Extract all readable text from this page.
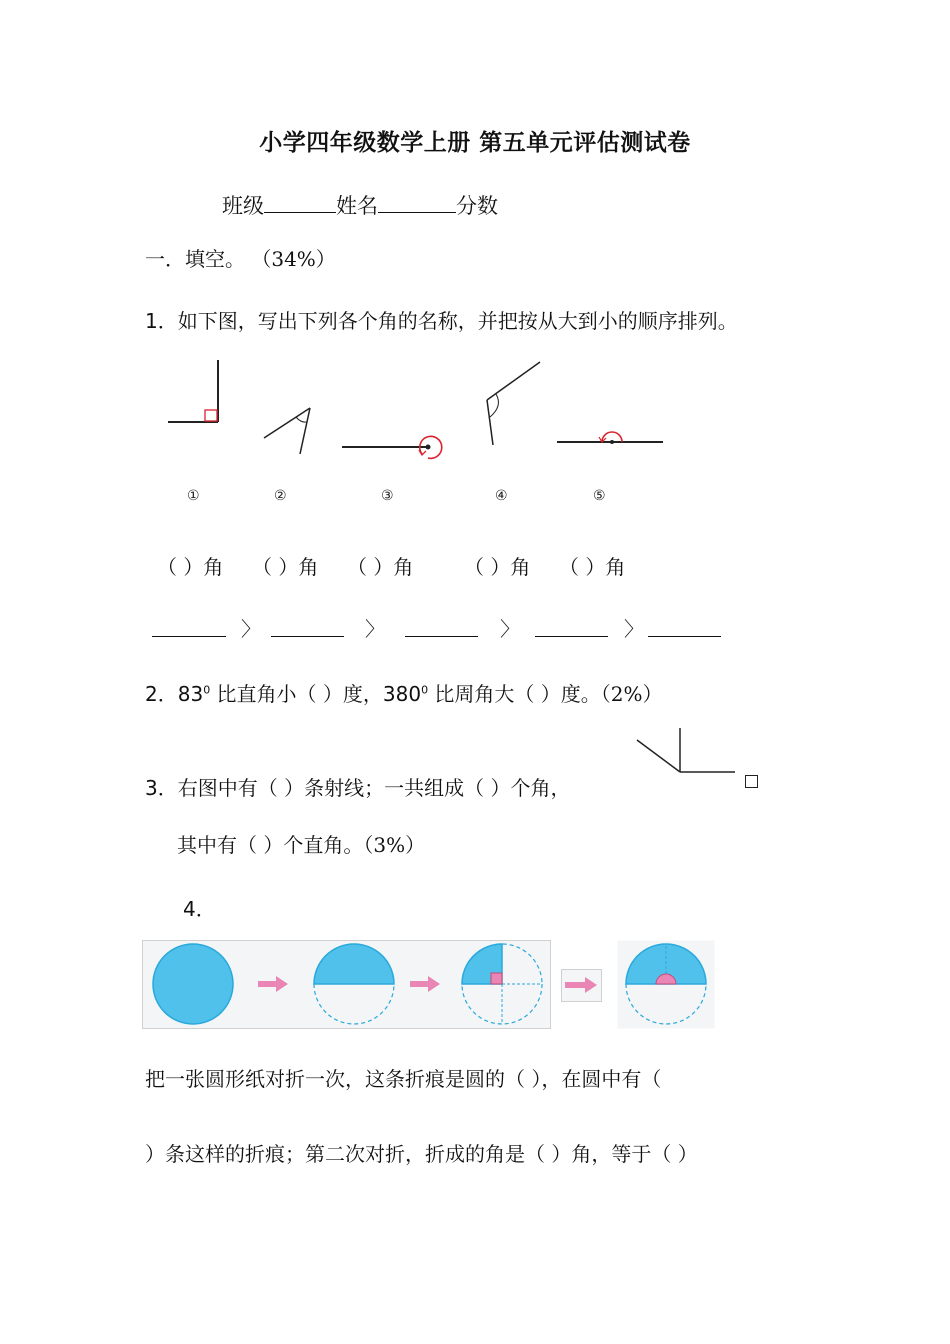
小学四年级数学上册 第五单元评估测试卷
班级	姓名	分数
一．填空。 （34%）
1．如下图，写出下列各个角的名称，并把按从大到小的顺序排列。
①	②	③	④	⑤
（ ）角 （ ）角 （ ）角	（ ）角 （ ）角
〉	〉	〉	〉
2．$83^0$ 比直角小（ ）度，$380^0$ 比周角大（ ）度。（2%）
3．右图中有（ ）条射线；一共组成（ ）个角，
其中有（ ）个直角。（3%）
4．
把一张圆形纸对折一次，这条折痕是圆的（ ），在圆中有（
）条这样的折痕；第二次对折，折成的角是（ ）角，等于（ ）
